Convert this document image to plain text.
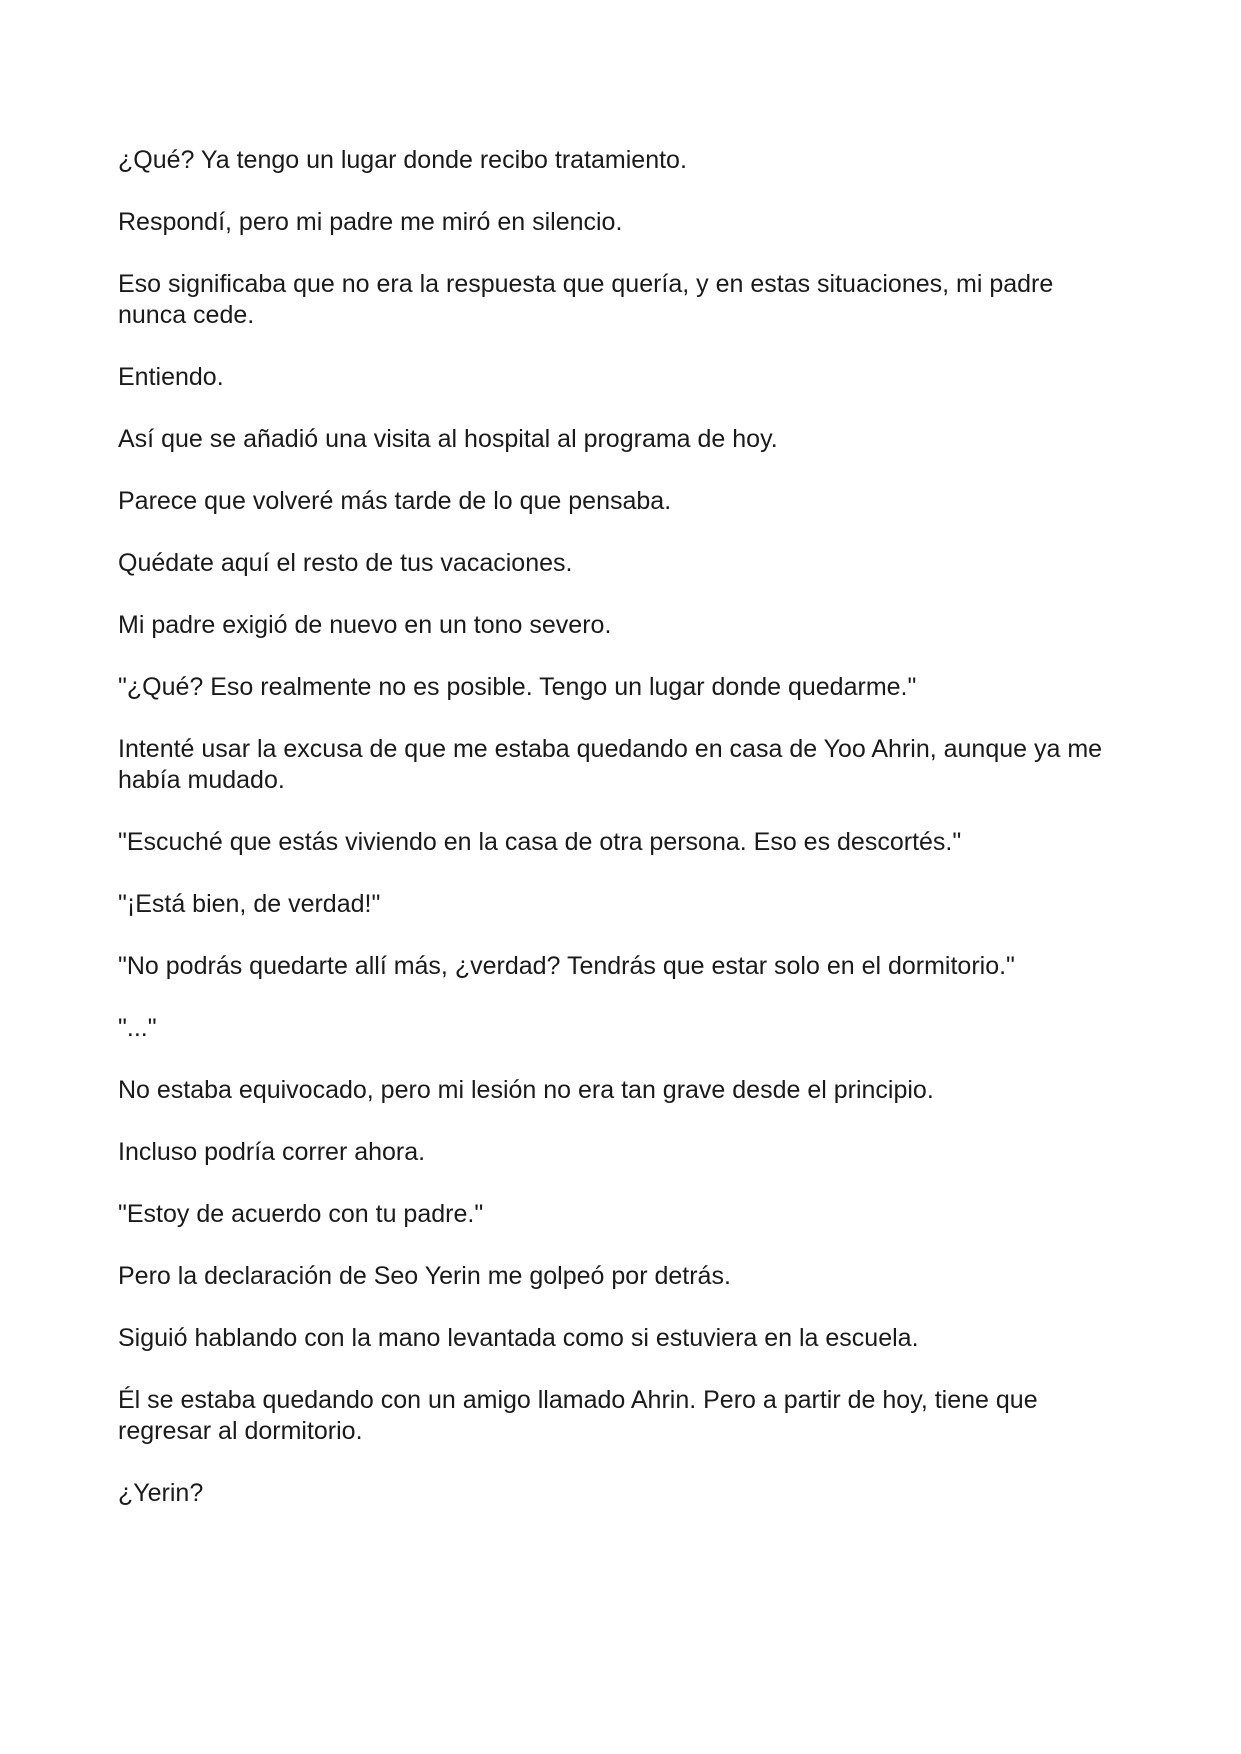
¿Qué? Ya tengo un lugar donde recibo tratamiento.

Respondí, pero mi padre me miró en silencio.

Eso significaba que no era la respuesta que quería, y en estas situaciones, mi padre nunca cede.

Entiendo.

Así que se añadió una visita al hospital al programa de hoy.

Parece que volveré más tarde de lo que pensaba.

Quédate aquí el resto de tus vacaciones.

Mi padre exigió de nuevo en un tono severo.

"¿Qué? Eso realmente no es posible. Tengo un lugar donde quedarme."

Intenté usar la excusa de que me estaba quedando en casa de Yoo Ahrin, aunque ya me había mudado.

"Escuché que estás viviendo en la casa de otra persona. Eso es descortés."

"¡Está bien, de verdad!"

"No podrás quedarte allí más, ¿verdad? Tendrás que estar solo en el dormitorio."

"..."

No estaba equivocado, pero mi lesión no era tan grave desde el principio.

Incluso podría correr ahora.

"Estoy de acuerdo con tu padre."

Pero la declaración de Seo Yerin me golpeó por detrás.

Siguió hablando con la mano levantada como si estuviera en la escuela.

Él se estaba quedando con un amigo llamado Ahrin. Pero a partir de hoy, tiene que regresar al dormitorio.

¿Yerin?
